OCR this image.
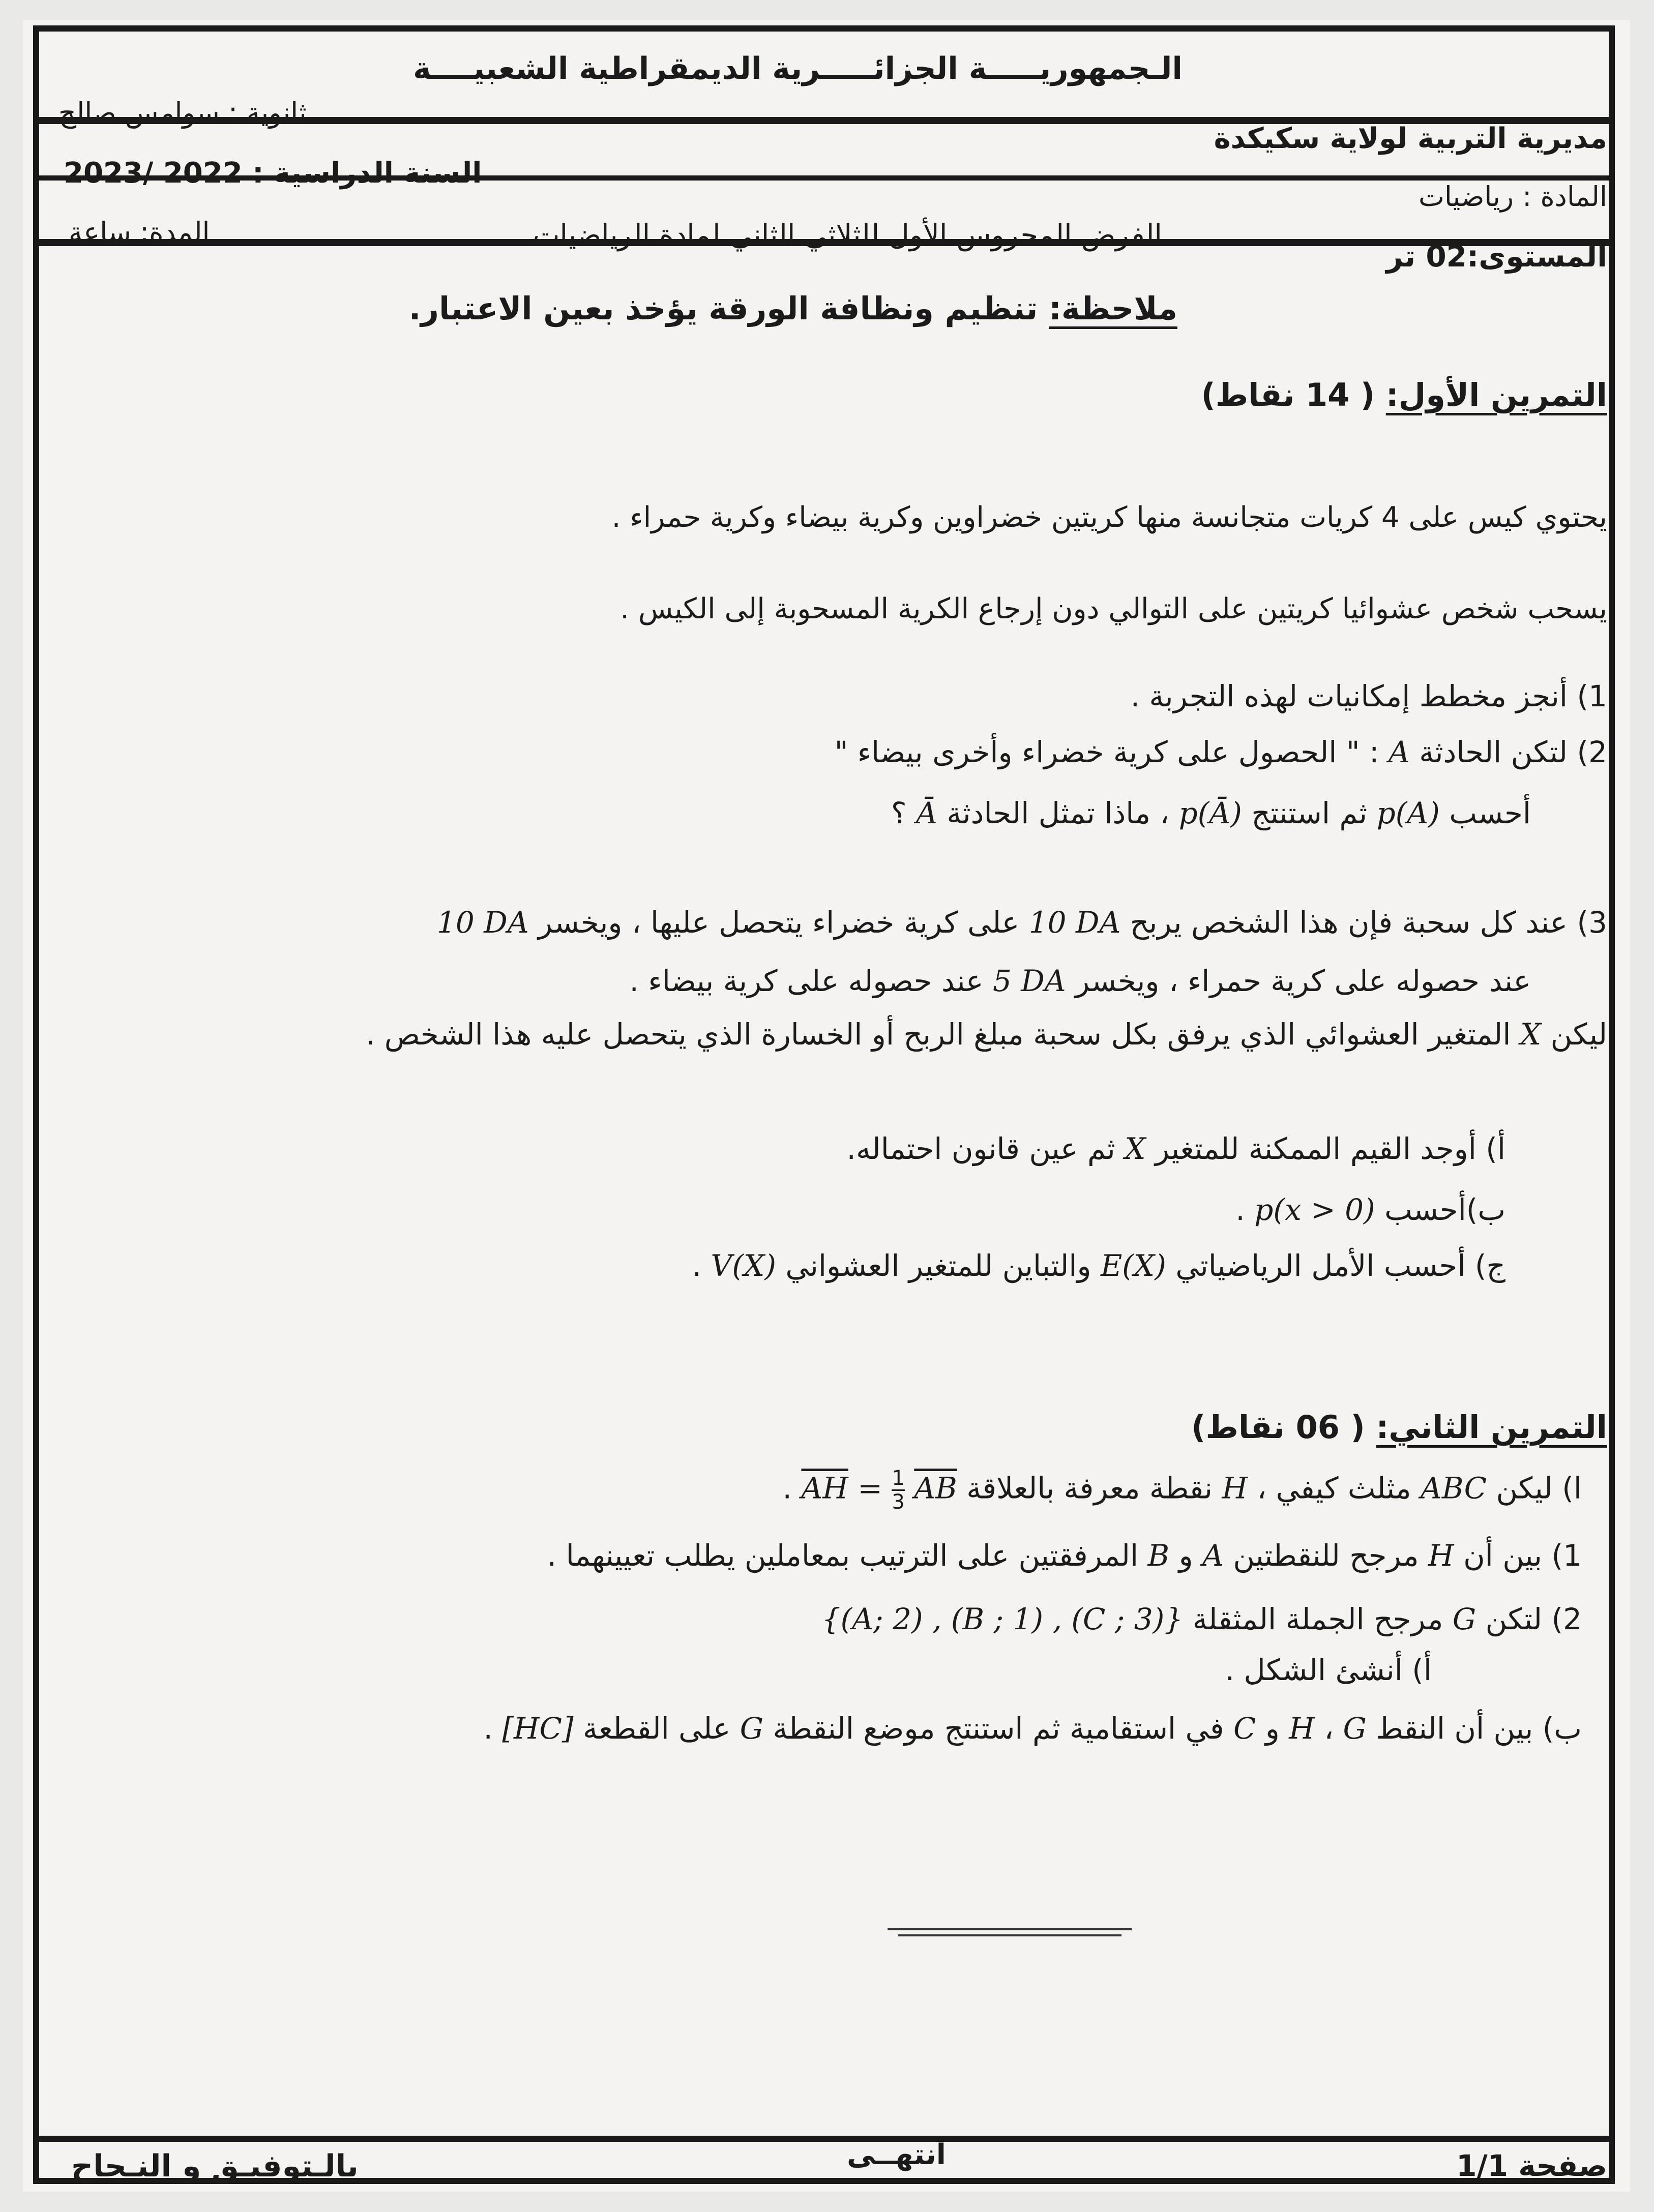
الـجمهوريـــــة الجزائـــــرية الديمقراطية الشعبيــــة
مديرية التربية لولاية سكيكدة
ثانوية : سوامس صالح
المادة : رياضيات
السنة الدراسية : 2022 /2023
المستوى:02 تر
الفرض المحروس الأول للثلاثي الثاني لمادة الرياضيات
المدة: ساعة
ملاحظة: تنظيم ونظافة الورقة يؤخذ بعين الاعتبار.
التمرين الأول: ( 14 نقاط)
يحتوي كيس على 4 كريات متجانسة منها كريتين خضراوين وكرية بيضاء وكرية حمراء .
يسحب شخص عشوائيا كريتين على التوالي دون إرجاع الكرية المسحوبة إلى الكيس .
1) أنجز مخطط إمكانيات لهذه التجربة .
2) لتكن الحادثة A : " الحصول على كرية خضراء وأخرى بيضاء "
أحسب p(A) ثم استنتج p(Ā) ، ماذا تمثل الحادثة Ā ؟
3) عند كل سحبة فإن هذا الشخص يربح 10 DA على كرية خضراء يتحصل عليها ، ويخسر 10 DA
عند حصوله على كرية حمراء ، ويخسر 5 DA عند حصوله على كرية بيضاء .
ليكن X المتغير العشوائي الذي يرفق بكل سحبة مبلغ الربح أو الخسارة الذي يتحصل عليه هذا الشخص .
أ) أوجد القيم الممكنة للمتغير X ثم عين قانون احتماله.
ب)أحسب p(x > 0) .
ج) أحسب الأمل الرياضياتي E(X) والتباين للمتغير العشواني V(X) .
التمرين الثاني: ( 06 نقاط)
ا) ليكن ABC مثلث كيفي ، H نقطة معرفة بالعلاقة $\overline{AH} = \frac{1}{3} \overline{AB}$ .
1) بين أن H مرجح للنقطتين A و B المرفقتين على الترتيب بمعاملين يطلب تعيينهما .
2) لتكن G مرجح الجملة المثقلة {(A; 2) , (B ; 1) , (C ; 3)}
أ) أنشئ الشكل .
ب) بين أن النقط G ، H و C في استقامية ثم استنتج موضع النقطة G على القطعة [HC] .
صفحة 1/1
انتهــى
بالـتوفيـق و النـجاح
